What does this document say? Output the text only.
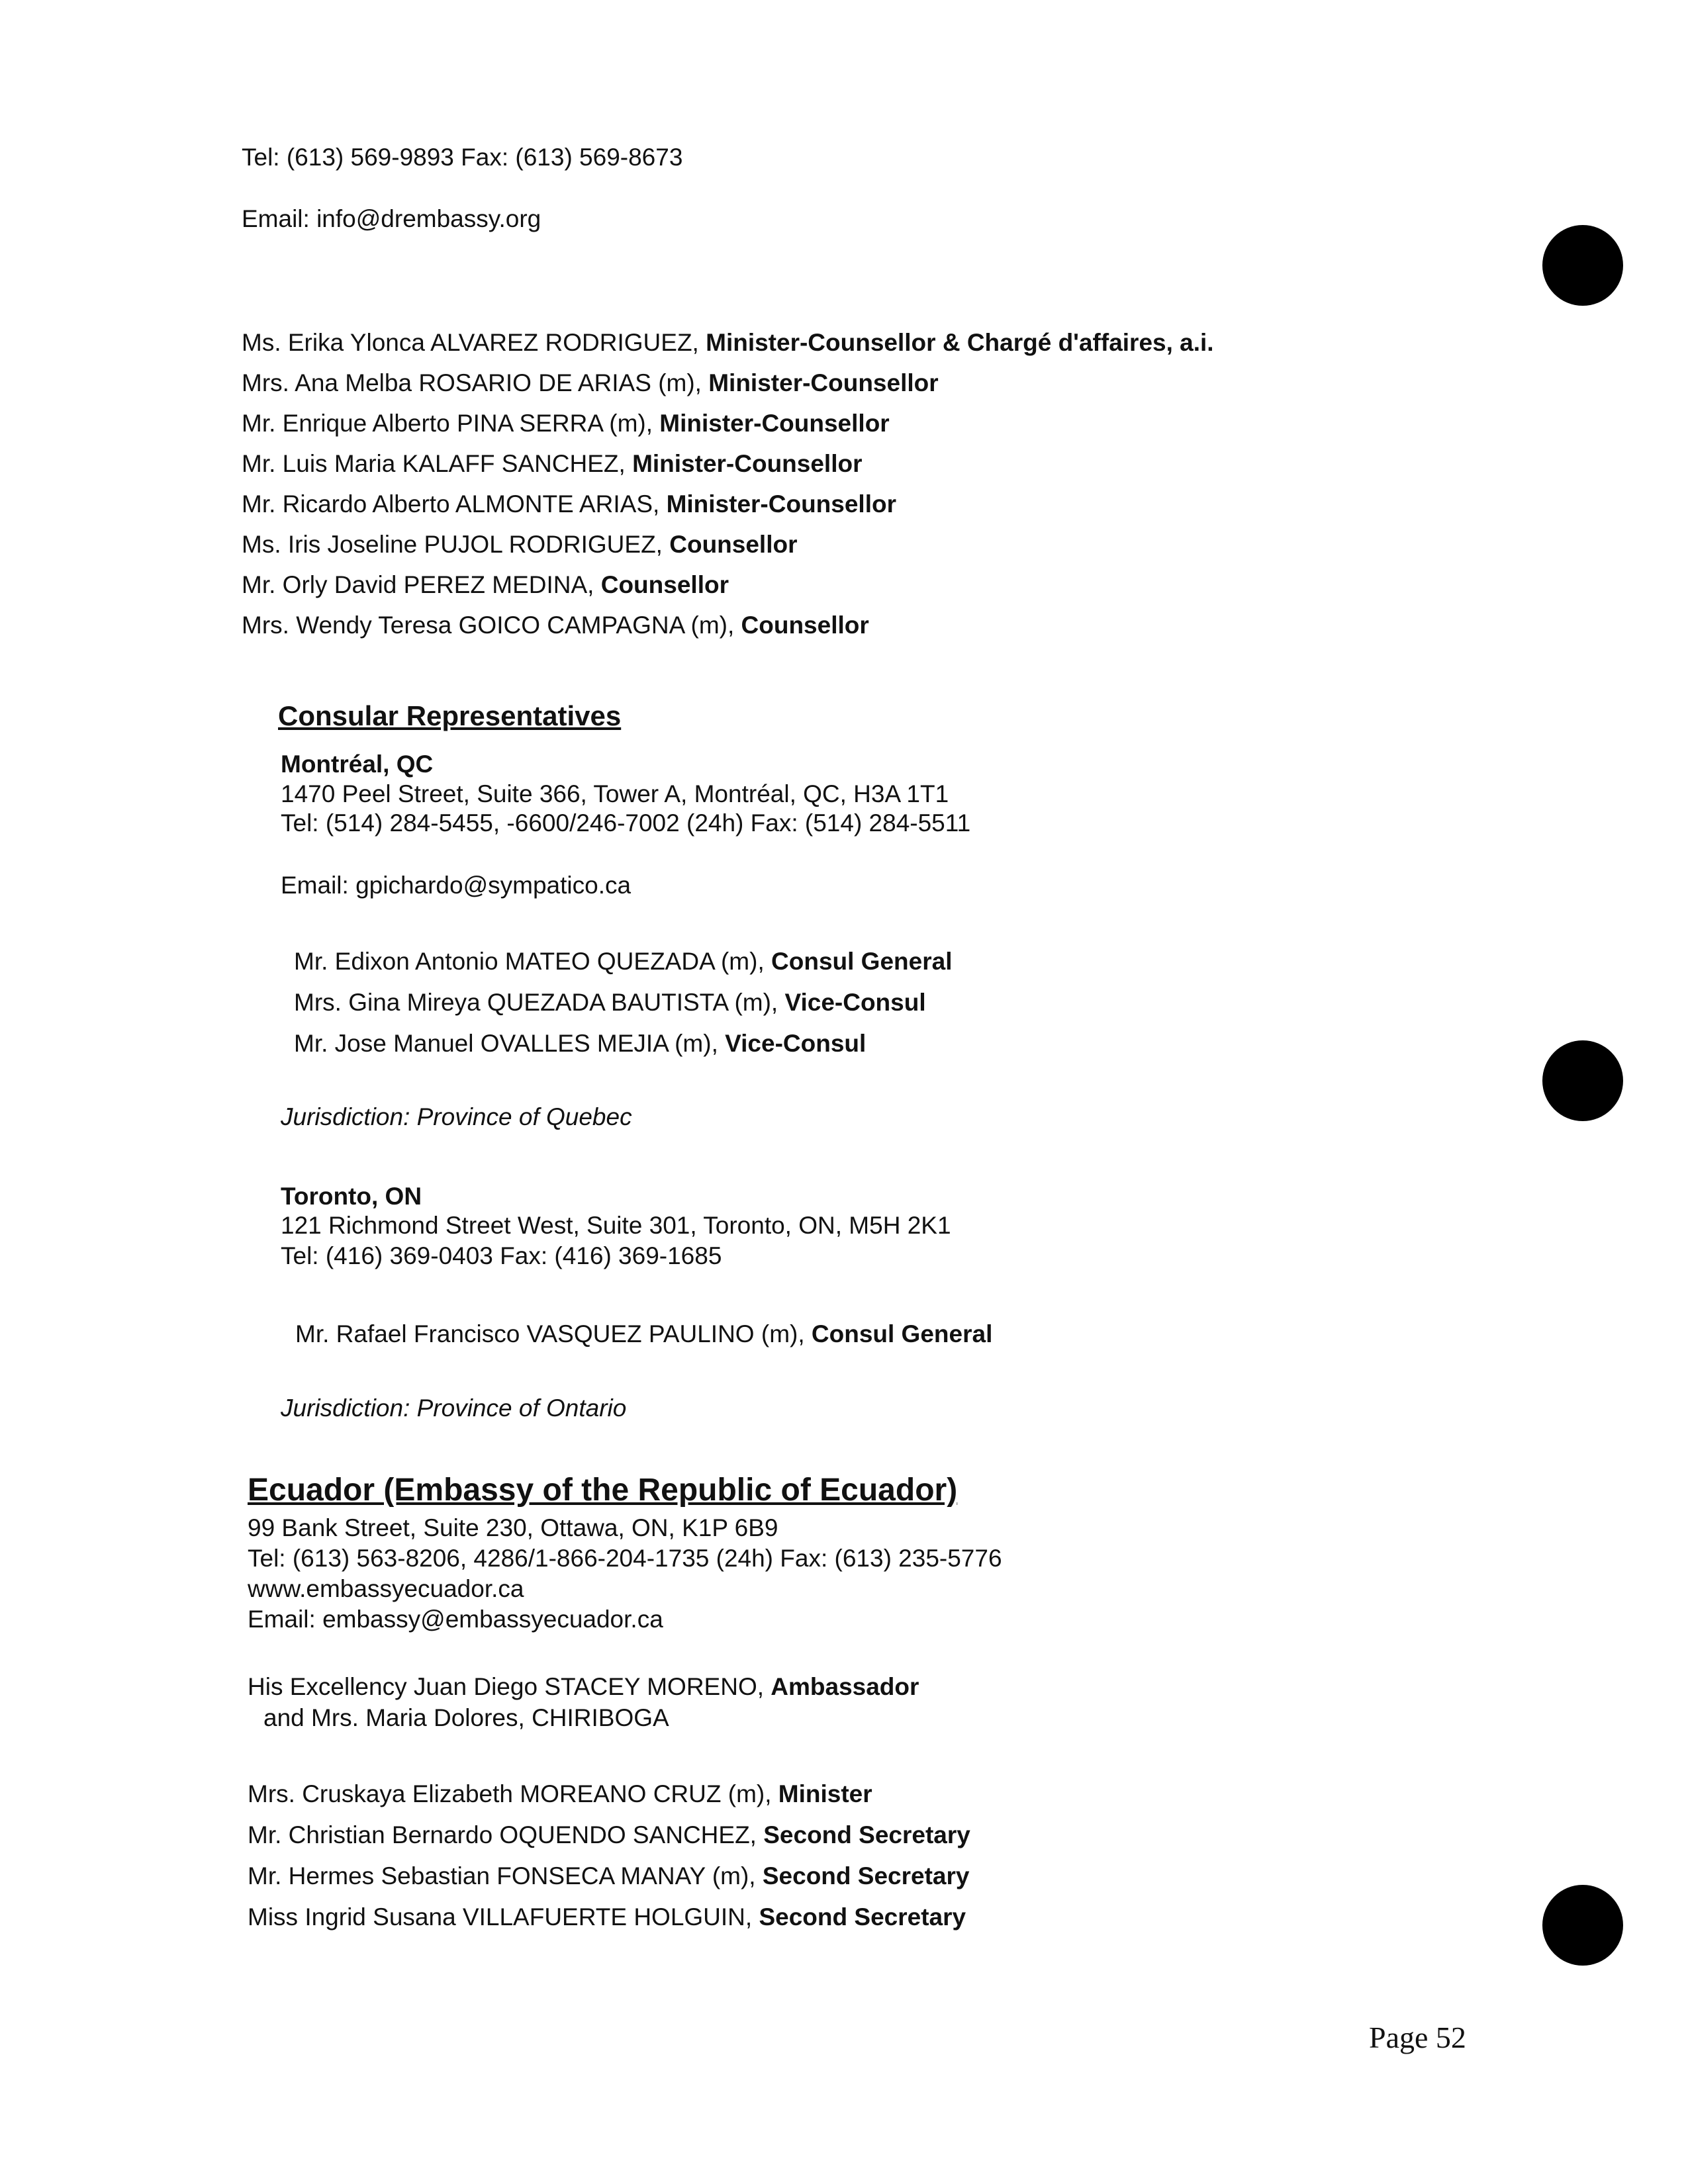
Tel: (613) 569-9893 Fax: (613) 569-8673
Email: info@drembassy.org
Ms. Erika Ylonca ALVAREZ RODRIGUEZ, Minister-Counsellor & Chargé d'affaires, a.i.
Mrs. Ana Melba ROSARIO DE ARIAS (m), Minister-Counsellor
Mr. Enrique Alberto PINA SERRA (m), Minister-Counsellor
Mr. Luis Maria KALAFF SANCHEZ, Minister-Counsellor
Mr. Ricardo Alberto ALMONTE ARIAS, Minister-Counsellor
Ms. Iris Joseline PUJOL RODRIGUEZ, Counsellor
Mr. Orly David PEREZ MEDINA, Counsellor
Mrs. Wendy Teresa GOICO CAMPAGNA (m), Counsellor
Consular Representatives
Montréal, QC
1470 Peel Street, Suite 366, Tower A, Montréal, QC, H3A 1T1
Tel: (514) 284-5455, -6600/246-7002 (24h) Fax: (514) 284-5511
Email: gpichardo@sympatico.ca
Mr. Edixon Antonio MATEO QUEZADA (m), Consul General
Mrs. Gina Mireya QUEZADA BAUTISTA (m), Vice-Consul
Mr. Jose Manuel OVALLES MEJIA (m), Vice-Consul
Jurisdiction: Province of Quebec
Toronto, ON
121 Richmond Street West, Suite 301, Toronto, ON, M5H 2K1
Tel: (416) 369-0403 Fax: (416) 369-1685
Mr. Rafael Francisco VASQUEZ PAULINO (m), Consul General
Jurisdiction: Province of Ontario
Ecuador (Embassy of the Republic of Ecuador)
99 Bank Street, Suite 230, Ottawa, ON, K1P 6B9
Tel: (613) 563-8206, 4286/1-866-204-1735 (24h) Fax: (613) 235-5776
www.embassyecuador.ca
Email: embassy@embassyecuador.ca
His Excellency Juan Diego STACEY MORENO, Ambassador
and Mrs. Maria Dolores, CHIRIBOGA
Mrs. Cruskaya Elizabeth MOREANO CRUZ (m), Minister
Mr. Christian Bernardo OQUENDO SANCHEZ, Second Secretary
Mr. Hermes Sebastian FONSECA MANAY (m), Second Secretary
Miss Ingrid Susana VILLAFUERTE HOLGUIN, Second Secretary
Page 52
